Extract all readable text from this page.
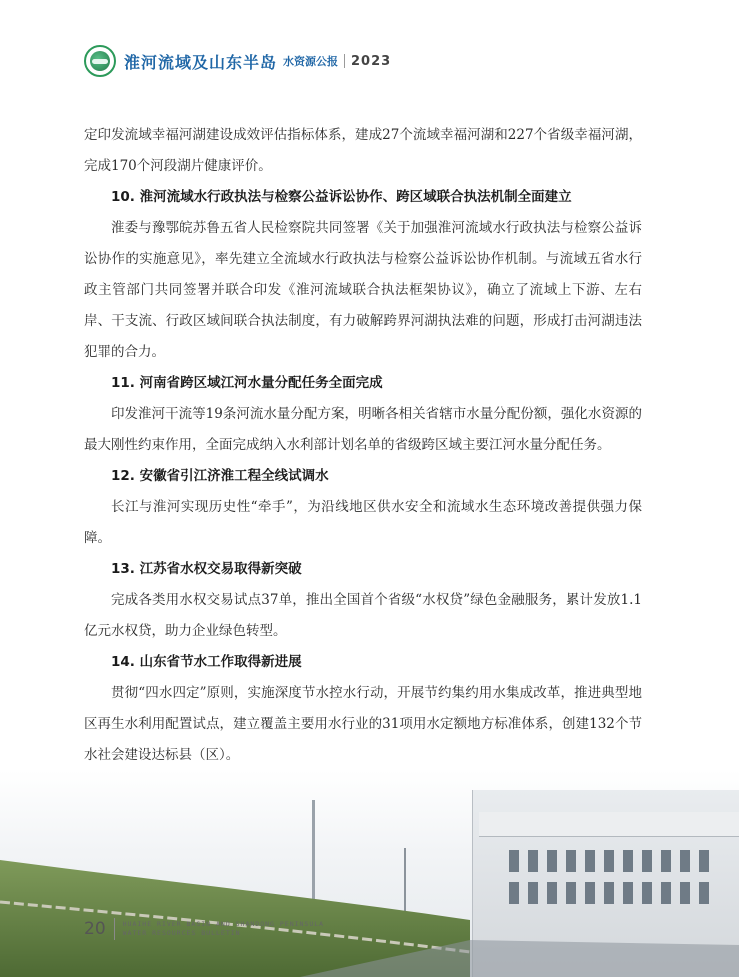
淮河流域及山东半岛 水资源公报 2023

定印发流域幸福河湖建设成效评估指标体系，建成27个流域幸福河湖和227个省级幸福河湖，完成170个河段湖片健康评价。

10. 淮河流域水行政执法与检察公益诉讼协作、跨区域联合执法机制全面建立

淮委与豫鄂皖苏鲁五省人民检察院共同签署《关于加强淮河流域水行政执法与检察公益诉讼协作的实施意见》，率先建立全流域水行政执法与检察公益诉讼协作机制。与流域五省水行政主管部门共同签署并联合印发《淮河流域联合执法框架协议》，确立了流域上下游、左右岸、干支流、行政区域间联合执法制度，有力破解跨界河湖执法难的问题，形成打击河湖违法犯罪的合力。

11. 河南省跨区域江河水量分配任务全面完成

印发淮河干流等19条河流水量分配方案，明晰各相关省辖市水量分配份额，强化水资源的最大刚性约束作用，全面完成纳入水利部计划名单的省级跨区域主要江河水量分配任务。

12. 安徽省引江济淮工程全线试调水

长江与淮河实现历史性“牵手”，为沿线地区供水安全和流域水生态环境改善提供强力保障。

13. 江苏省水权交易取得新突破

完成各类用水权交易试点37单，推出全国首个省级“水权贷”绿色金融服务，累计发放1.1亿元水权贷，助力企业绿色转型。

14. 山东省节水工作取得新进展

贯彻“四水四定”原则，实施深度节水控水行动，开展节约集约用水集成改革，推进典型地区再生水利用配置试点，建立覆盖主要用水行业的31项用水定额地方标准体系，创建132个节水社会建设达标县（区）。

20	HUAIHE RIVER BASIN AND SHANDONG PENINSULA
WATER RESOURCES BULLETIN
